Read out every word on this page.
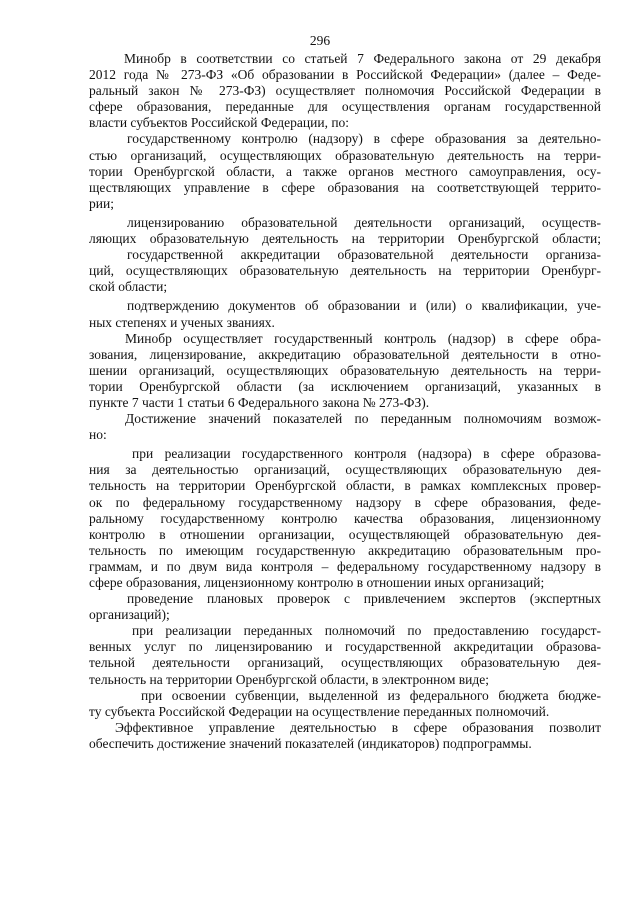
296
Минобр в соответствии со статьей 7 Федерального закона от 29 декабря
2012 года № 273-ФЗ «Об образовании в Российской Федерации» (далее – Феде-
ральный закон № 273-ФЗ) осуществляет полномочия Российской Федерации в
сфере образования, переданные для осуществления органам государственной
власти субъектов Российской Федерации, по:
государственному контролю (надзору) в сфере образования за деятельно-
стью организаций, осуществляющих образовательную деятельность на терри-
тории Оренбургской области, а также органов местного самоуправления, осу-
ществляющих управление в сфере образования на соответствующей террито-
рии;
лицензированию образовательной деятельности организаций, осуществ-
ляющих образовательную деятельность на территории Оренбургской области;
государственной аккредитации образовательной деятельности организа-
ций, осуществляющих образовательную деятельность на территории Оренбург-
ской области;
подтверждению документов об образовании и (или) о квалификации, уче-
ных степенях и ученых званиях.
Минобр осуществляет государственный контроль (надзор) в сфере обра-
зования, лицензирование, аккредитацию образовательной деятельности в отно-
шении организаций, осуществляющих образовательную деятельность на терри-
тории Оренбургской области (за исключением организаций, указанных в
пункте 7 части 1 статьи 6 Федерального закона № 273-ФЗ).
Достижение значений показателей по переданным полномочиям возмож-
но:
при реализации государственного контроля (надзора) в сфере образова-
ния за деятельностью организаций, осуществляющих образовательную дея-
тельность на территории Оренбургской области, в рамках комплексных провер-
ок по федеральному государственному надзору в сфере образования, феде-
ральному государственному контролю качества образования, лицензионному
контролю в отношении организации, осуществляющей образовательную дея-
тельность по имеющим государственную аккредитацию образовательным про-
граммам, и по двум вида контроля – федеральному государственному надзору в
сфере образования, лицензионному контролю в отношении иных организаций;
проведение плановых проверок с привлечением экспертов (экспертных
организаций);
при реализации переданных полномочий по предоставлению государст-
венных услуг по лицензированию и государственной аккредитации образова-
тельной деятельности организаций, осуществляющих образовательную дея-
тельность на территории Оренбургской области, в электронном виде;
при освоении субвенции, выделенной из федерального бюджета бюдже-
ту субъекта Российской Федерации на осуществление переданных полномочий.
Эффективное управление деятельностью в сфере образования позволит
обеспечить достижение значений показателей (индикаторов) подпрограммы.
